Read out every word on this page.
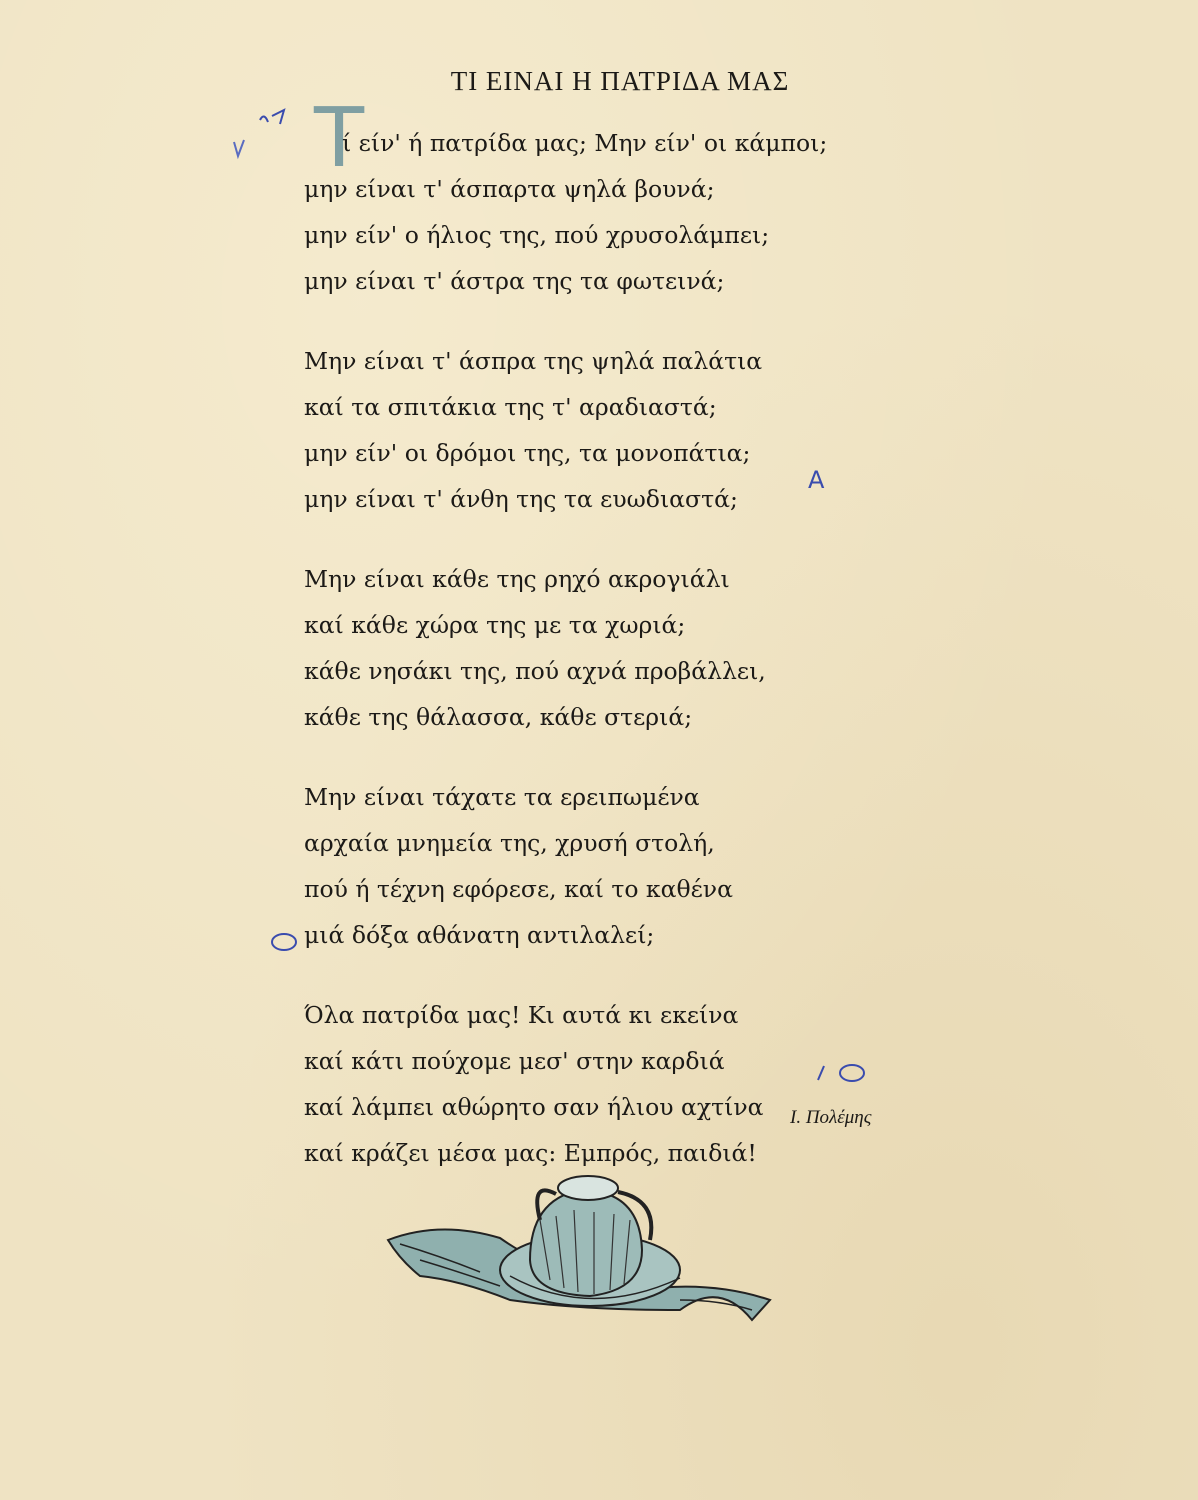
ΤΙ ΕΙΝΑΙ Η ΠΑΤΡΙΔΑ ΜΑΣ
Τ
ί είν' ή πατρίδα μας; Μην είν' οι κάμποι;
μην είναι τ' άσπαρτα ψηλά βουνά;
μην είν' ο ήλιος της, πού χρυσολάμπει;
μην είναι τ' άστρα της τα φωτεινά;
Μην είναι τ' άσπρα της ψηλά παλάτια
καί τα σπιτάκια της τ' αραδιαστά;
μην είν' οι δρόμοι της, τα μονοπάτια;
μην είναι τ' άνθη της τα ευωδιαστά;
Μην είναι κάθε της ρηχό ακρογιάλι
καί κάθε χώρα της με τα χωριά;
κάθε νησάκι της, πού αχνά προβάλλει,
κάθε της θάλασσα, κάθε στεριά;
Μην είναι τάχατε τα ερειπωμένα
αρχαία μνημεία της, χρυσή στολή,
πού ή τέχνη εφόρεσε, καί το καθένα
μιά δόξα αθάνατη αντιλαλεί;
Όλα πατρίδα μας! Κι αυτά κι εκείνα
καί κάτι πούχομε μεσ' στην καρδιά
καί λάμπει αθώρητο σαν ήλιου αχτίνα
καί κράζει μέσα μας: Εμπρός, παιδιά!
Ι. Πολέμης
A
